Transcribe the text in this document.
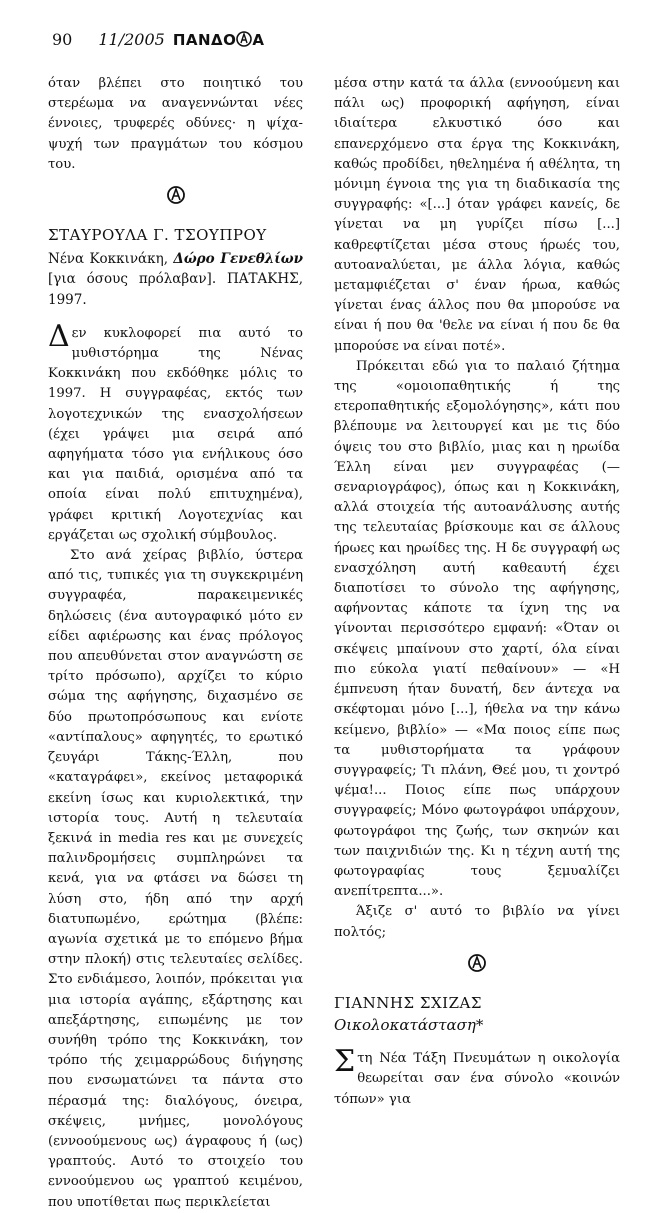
90 11/2005 ΠΑΝΔΟ Α

όταν βλέπει στο ποιητικό του στερέωμα να αναγεννώνται νέες έννοιες, τρυφερές οδύνες· η ψίχα-ψυχή των πραγμάτων του κόσμου του.

ΣΤΑΥΡΟΥΛΑ Γ. ΤΣΟΥΠΡΟΥ
Νένα Κοκκινάκη, Δώρο Γενεθλίων [για όσους πρόλαβαν]. ΠΑΤΑΚΗΣ, 1997.

Δεν κυκλοφορεί πια αυτό το μυθιστόρημα της Νένας Κοκκινάκη που εκδόθηκε μόλις το 1997. Η συγγραφέας, εκτός των λογοτεχνικών της ενασχολήσεων (έχει γράψει μια σειρά από αφηγήματα τόσο για ενήλικους όσο και για παιδιά, ορισμένα από τα οποία είναι πολύ επιτυχημένα), γράφει κριτική Λογοτεχνίας και εργάζεται ως σχολική σύμβουλος.

Στο ανά χείρας βιβλίο, ύστερα από τις, τυπικές για τη συγκεκριμένη συγγραφέα, παρακειμενικές δηλώσεις (ένα αυτογραφικό μότο εν είδει αφιέρωσης και ένας πρόλογος που απευθύνεται στον αναγνώστη σε τρίτο πρόσωπο), αρχίζει το κύριο σώμα της αφήγησης, διχασμένο σε δύο πρωτοπρόσωπους και ενίοτε «αντίπαλους» αφηγητές, το ερωτικό ζευγάρι Τάκης-Έλλη, που «καταγράφει», εκείνος μεταφορικά εκείνη ίσως και κυριολεκτικά, την ιστορία τους. Αυτή η τελευταία ξεκινά in media res και με συνεχείς παλινδρομήσεις συμπληρώνει τα κενά, για να φτάσει να δώσει τη λύση στο, ήδη από την αρχή διατυπωμένο, ερώτημα (βλέπε: αγωνία σχετικά με το επόμενο βήμα στην πλοκή) στις τελευταίες σελίδες. Στο ενδιάμεσο, λοιπόν, πρόκειται για μια ιστορία αγάπης, εξάρτησης και απεξάρτησης, ειπωμένης με τον συνήθη τρόπο της Κοκκινάκη, τον τρόπο τής χειμαρρώδους διήγησης που ενσωματώνει τα πάντα στο πέρασμά της: διαλόγους, όνειρα, σκέψεις, μνήμες, μονολόγους (εννοούμενους ως) άγραφους ή (ως) γραπτούς. Αυτό το στοιχείο του εννοούμενου ως γραπτού κειμένου, που υποτίθεται πως περικλείεται

μέσα στην κατά τα άλλα (εννοούμενη και πάλι ως) προφορική αφήγηση, είναι ιδιαίτερα ελκυστικό όσο και επανερχόμενο στα έργα της Κοκκινάκη, καθώς προδίδει, ηθελημένα ή αθέλητα, τη μόνιμη έγνοια της για τη διαδικασία της συγγραφής: «[...] όταν γράφει κανείς, δε γίνεται να μη γυρίζει πίσω [...] καθρεφτίζεται μέσα στους ήρωές του, αυτοαναλύεται, με άλλα λόγια, καθώς μεταμφιέζεται σ' έναν ήρωα, καθώς γίνεται ένας άλλος που θα μπορούσε να είναι ή που θα 'θελε να είναι ή που δε θα μπορούσε να είναι ποτέ».

Πρόκειται εδώ για το παλαιό ζήτημα της «ομοιοπαθητικής ή της ετεροπαθητικής εξομολόγησης», κάτι που βλέπουμε να λειτουργεί και με τις δύο όψεις του στο βιβλίο, μιας και η ηρωίδα Έλλη είναι μεν συγγραφέας (—σεναριογράφος), όπως και η Κοκκινάκη, αλλά στοιχεία τής αυτοανάλυσης αυτής της τελευταίας βρίσκουμε και σε άλλους ήρωες και ηρωίδες της. Η δε συγγραφή ως ενασχόληση αυτή καθεαυτή έχει διαποτίσει το σύνολο της αφήγησης, αφήνοντας κάποτε τα ίχνη της να γίνονται περισσότερο εμφανή: «Όταν οι σκέψεις μπαίνουν στο χαρτί, όλα είναι πιο εύκολα γιατί πεθαίνουν» — «Η έμπνευση ήταν δυνατή, δεν άντεχα να σκέφτομαι μόνο [...], ήθελα να την κάνω κείμενο, βιβλίο» — «Μα ποιος είπε πως τα μυθιστορήματα τα γράφουν συγγραφείς; Τι πλάνη, Θεέ μου, τι χοντρό ψέμα!... Ποιος είπε πως υπάρχουν συγγραφείς; Μόνο φωτογράφοι υπάρχουν, φωτογράφοι της ζωής, των σκηνών και των παιχνιδιών της. Κι η τέχνη αυτή της φωτογραφίας τους ξεμυαλίζει ανεπίτρεπτα...».

Άξιζε σ' αυτό το βιβλίο να γίνει πολτός;

ΓΙΑΝΝΗΣ ΣΧΙΖΑΣ
Οικολοκατάσταση*

Στη Νέα Τάξη Πνευμάτων η οικολογία θεωρείται σαν ένα σύνολο «κοινών τόπων» για
